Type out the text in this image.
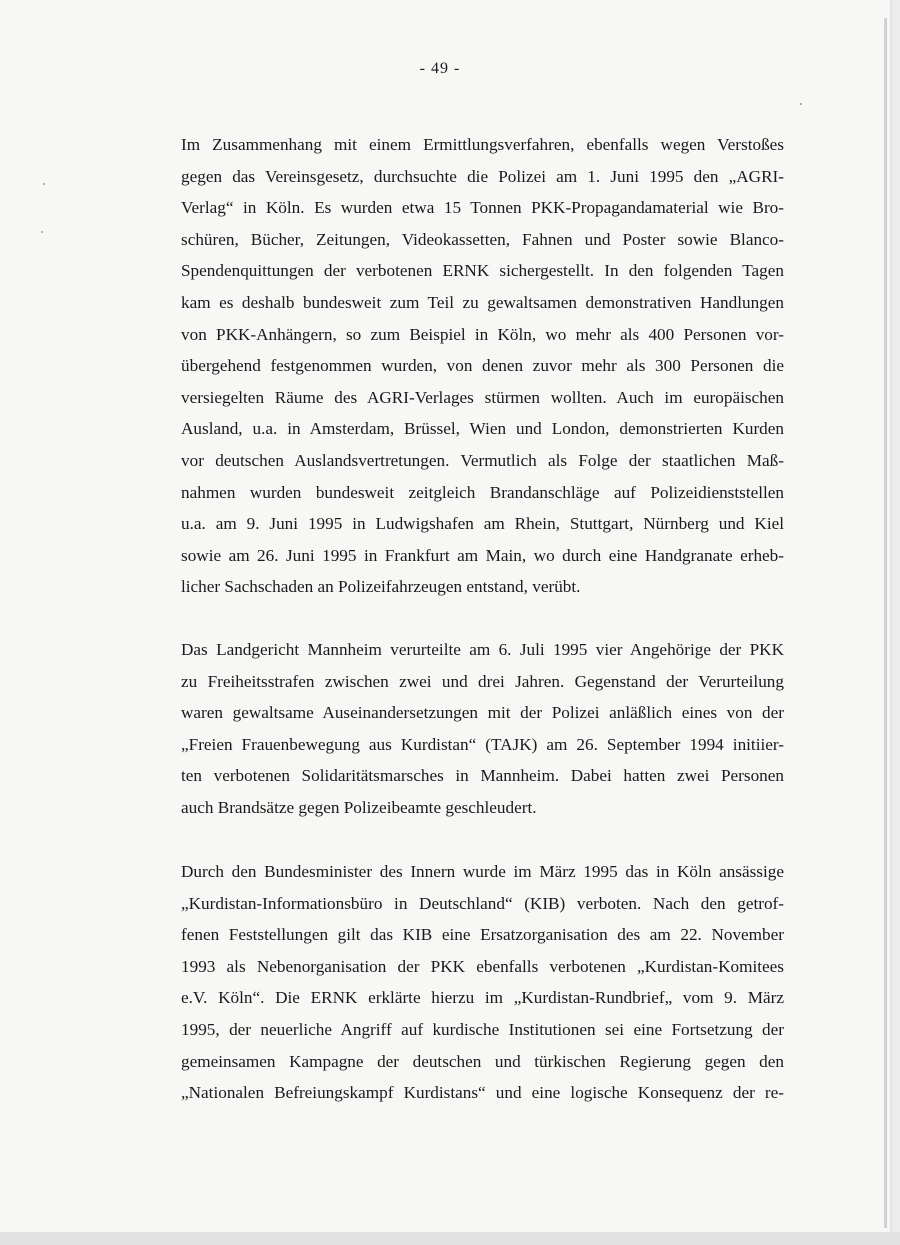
- 49 -

Im Zusammenhang mit einem Ermittlungsverfahren, ebenfalls wegen Verstoßes
gegen das Vereinsgesetz, durchsuchte die Polizei am 1. Juni 1995 den „AGRI-
Verlag“ in Köln. Es wurden etwa 15 Tonnen PKK-Propagandamaterial wie Bro-
schüren, Bücher, Zeitungen, Videokassetten, Fahnen und Poster sowie Blanco-
Spendenquittungen der verbotenen ERNK sichergestellt. In den folgenden Tagen
kam es deshalb bundesweit zum Teil zu gewaltsamen demonstrativen Handlungen
von PKK-Anhängern, so zum Beispiel in Köln, wo mehr als 400 Personen vor-
übergehend festgenommen wurden, von denen zuvor mehr als 300 Personen die
versiegelten Räume des AGRI-Verlages stürmen wollten. Auch im europäischen
Ausland, u.a. in Amsterdam, Brüssel, Wien und London, demonstrierten Kurden
vor deutschen Auslandsvertretungen. Vermutlich als Folge der staatlichen Maß-
nahmen wurden bundesweit zeitgleich Brandanschläge auf Polizeidienststellen
u.a. am 9. Juni 1995 in Ludwigshafen am Rhein, Stuttgart, Nürnberg und Kiel
sowie am 26. Juni 1995 in Frankfurt am Main, wo durch eine Handgranate erheb-
licher Sachschaden an Polizeifahrzeugen entstand, verübt.

Das Landgericht Mannheim verurteilte am 6. Juli 1995 vier Angehörige der PKK
zu Freiheitsstrafen zwischen zwei und drei Jahren. Gegenstand der Verurteilung
waren gewaltsame Auseinandersetzungen mit der Polizei anläßlich eines von der
„Freien Frauenbewegung aus Kurdistan“ (TAJK) am 26. September 1994 initiier-
ten verbotenen Solidaritätsmarsches in Mannheim. Dabei hatten zwei Personen
auch Brandsätze gegen Polizeibeamte geschleudert.

Durch den Bundesminister des Innern wurde im März 1995 das in Köln ansässige
„Kurdistan-Informationsbüro in Deutschland“ (KIB) verboten. Nach den getrof-
fenen Feststellungen gilt das KIB eine Ersatzorganisation des am 22. November
1993 als Nebenorganisation der PKK ebenfalls verbotenen „Kurdistan-Komitees
e.V. Köln“. Die ERNK erklärte hierzu im „Kurdistan-Rundbrief„ vom 9. März
1995, der neuerliche Angriff auf kurdische Institutionen sei eine Fortsetzung der
gemeinsamen Kampagne der deutschen und türkischen Regierung gegen den
„Nationalen Befreiungskampf Kurdistans“ und eine logische Konsequenz der re-
